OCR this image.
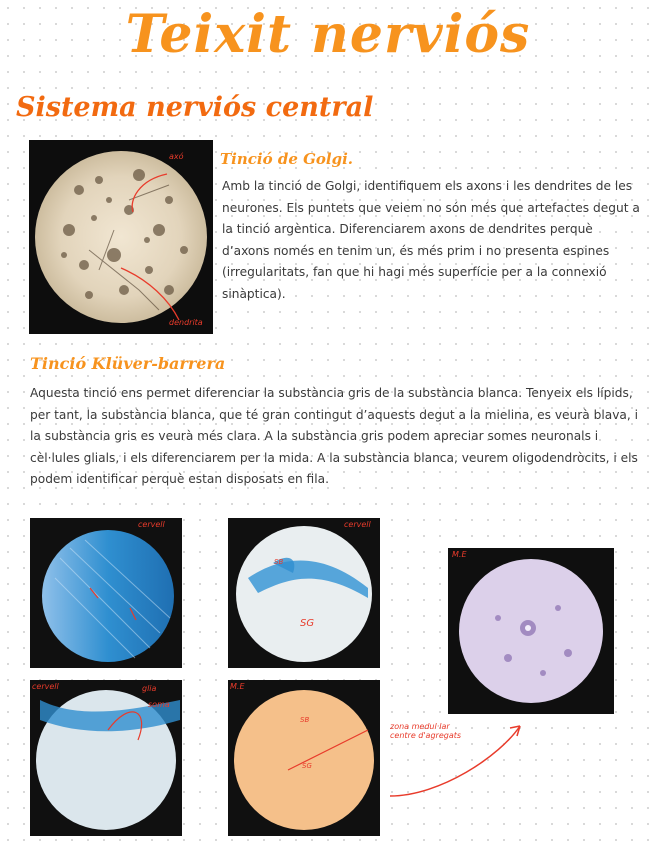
Teixit nerviós
Sistema nerviós central
axó
dendrita
Tinció de Golgi.
Amb la tinció de Golgi, identifiquem els axons i les dendrites de les neurones. Els puntets que veiem no són més que artefactes degut a la tinció argèntica. Diferenciarem axons de dendrites perquè d’axons només en tenim un, és més prim i no presenta espines (irregularitats, fan que hi hagi més superfície per a la connexió sinàptica).
Tinció Klüver-barrera
Aquesta tinció ens permet diferenciar la substància gris de la substància blanca. Tenyeix els lípids, per tant, la substància blanca, que té gran contingut d’aquests degut a la mielina, es veurà blava, i la substància gris es veurà més clara. A la substància gris podem apreciar somes neuronals i cèl·lules glials, i els diferenciarem per la mida. A la substància blanca, veurem oligodendròcits, i els podem identificar perquè estan disposats en fila.
cervell	cervell
SB
SG
M.E
cervell	glia
soma
M.E
SB
SG
zona medul·lar
centre d'agregats
